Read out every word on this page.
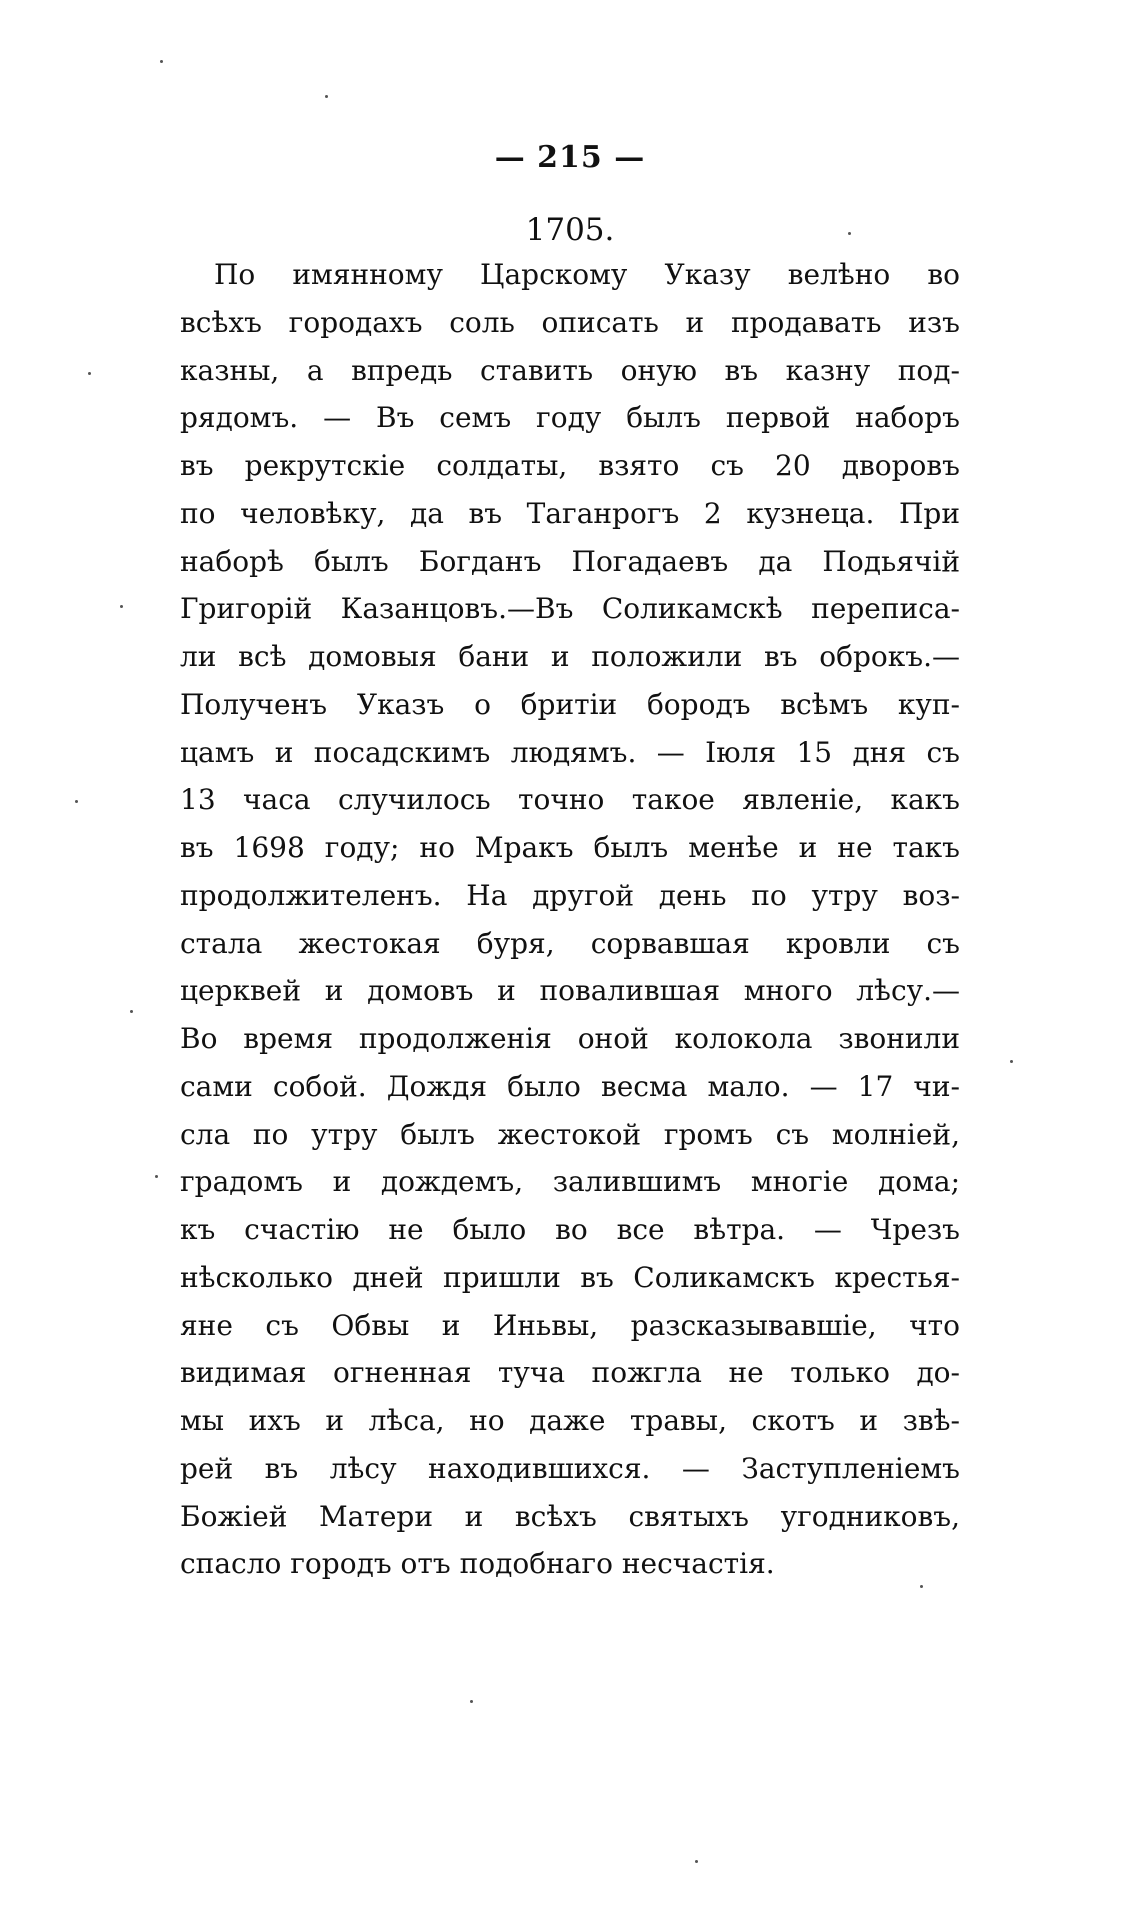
— 215 —
1705.
По имянному Царскому Указу велѣно во
всѣхъ городахъ соль описать и продавать изъ
казны, а впредь ставить оную въ казну под-
рядомъ. — Въ семъ году былъ первой наборъ
въ рекрутскіе солдаты, взято съ 20 дворовъ
по человѣку, да въ Таганрогъ 2 кузнеца. При
наборѣ былъ Богданъ Погадаевъ да Подьячій
Григорій Казанцовъ.—Въ Соликамскѣ переписа-
ли всѣ домовыя бани и положили въ оброкъ.—
Полученъ Указъ о бритіи бородъ всѣмъ куп-
цамъ и посадскимъ людямъ. — Іюля 15 дня съ
13 часа случилось точно такое явленіе, какъ
въ 1698 году; но Мракъ былъ менѣе и не такъ
продолжителенъ. На другой день по утру воз-
стала жестокая буря, сорвавшая кровли съ
церквей и домовъ и повалившая много лѣсу.—
Во время продолженія оной колокола звонили
сами собой. Дождя было весма мало. — 17 чи-
сла по утру былъ жестокой громъ съ молніей,
градомъ и дождемъ, залившимъ многіе дома;
къ счастію не было во все вѣтра. — Чрезъ
нѣсколько дней пришли въ Соликамскъ крестья-
яне съ Обвы и Иньвы, разсказывавшіе, что
видимая огненная туча пожгла не только до-
мы ихъ и лѣса, но даже травы, скотъ и звѣ-
рей въ лѣсу находившихся. — Заступленіемъ
Божіей Матери и всѣхъ святыхъ угодниковъ,
спасло городъ отъ подобнаго несчастія.
